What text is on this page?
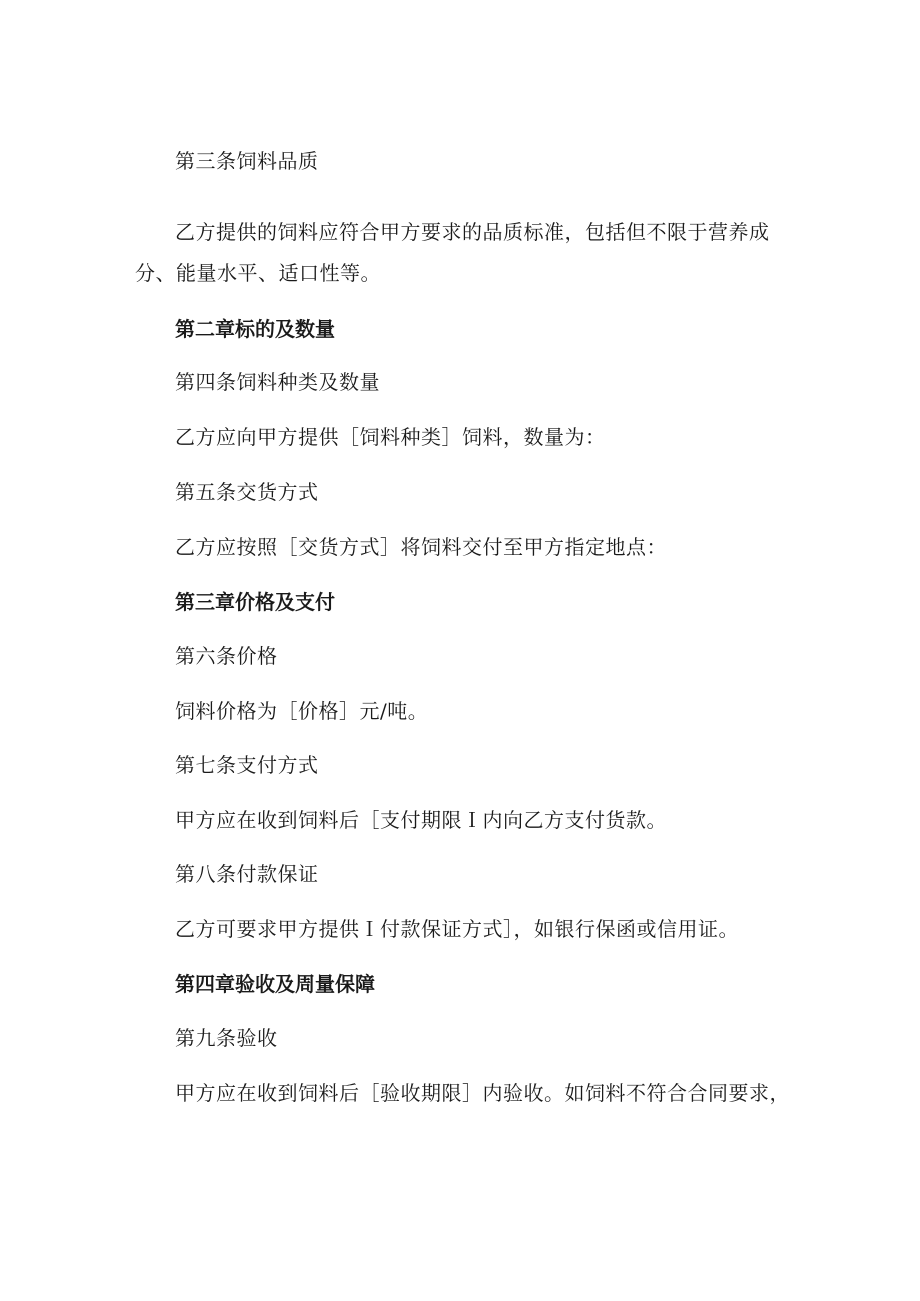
第三条饲料品质
乙方提供的饲料应符合甲方要求的品质标准，包括但不限于营养成
分、能量水平、适口性等。
第二章标的及数量
第四条饲料种类及数量
乙方应向甲方提供［饲料种类］饲料，数量为：
第五条交货方式
乙方应按照［交货方式］将饲料交付至甲方指定地点：
第三章价格及支付
第六条价格
饲料价格为［价格］元/吨。
第七条支付方式
甲方应在收到饲料后［支付期限Ｉ内向乙方支付货款。
第八条付款保证
乙方可要求甲方提供Ｉ付款保证方式］，如银行保函或信用证。
第四章验收及周量保障
第九条验收
甲方应在收到饲料后［验收期限］内验收。如饲料不符合合同要求，
